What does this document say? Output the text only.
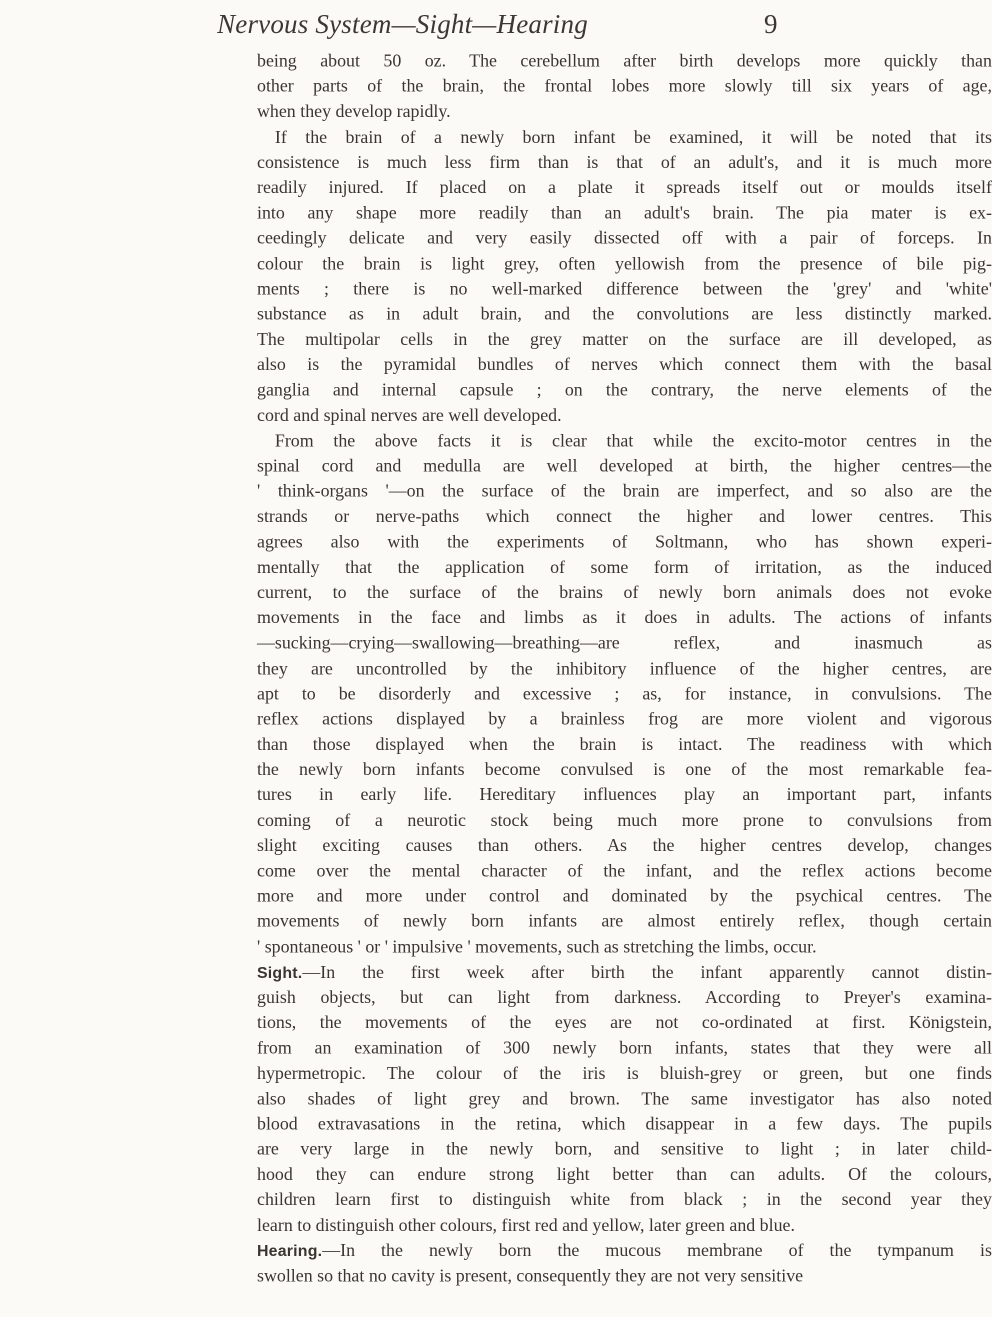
Nervous System—Sight—Hearing	9
being about 50 oz. The cerebellum after birth develops more quickly than
other parts of the brain, the frontal lobes more slowly till six years of age,
when they develop rapidly.
If the brain of a newly born infant be examined, it will be noted that its
consistence is much less firm than is that of an adult's, and it is much more
readily injured. If placed on a plate it spreads itself out or moulds itself
into any shape more readily than an adult's brain. The pia mater is ex-
ceedingly delicate and very easily dissected off with a pair of forceps. In
colour the brain is light grey, often yellowish from the presence of bile pig-
ments ; there is no well-marked difference between the 'grey' and 'white'
substance as in adult brain, and the convolutions are less distinctly marked.
The multipolar cells in the grey matter on the surface are ill developed, as
also is the pyramidal bundles of nerves which connect them with the basal
ganglia and internal capsule ; on the contrary, the nerve elements of the
cord and spinal nerves are well developed.
From the above facts it is clear that while the excito-motor centres in the
spinal cord and medulla are well developed at birth, the higher centres—the
' think-organs '—on the surface of the brain are imperfect, and so also are the
strands or nerve-paths which connect the higher and lower centres. This
agrees also with the experiments of Soltmann, who has shown experi-
mentally that the application of some form of irritation, as the induced
current, to the surface of the brains of newly born animals does not evoke
movements in the face and limbs as it does in adults. The actions of infants
—sucking—crying—swallowing—breathing—are reflex, and inasmuch as
they are uncontrolled by the inhibitory influence of the higher centres, are
apt to be disorderly and excessive ; as, for instance, in convulsions. The
reflex actions displayed by a brainless frog are more violent and vigorous
than those displayed when the brain is intact. The readiness with which
the newly born infants become convulsed is one of the most remarkable fea-
tures in early life. Hereditary influences play an important part, infants
coming of a neurotic stock being much more prone to convulsions from
slight exciting causes than others. As the higher centres develop, changes
come over the mental character of the infant, and the reflex actions become
more and more under control and dominated by the psychical centres. The
movements of newly born infants are almost entirely reflex, though certain
' spontaneous ' or ' impulsive ' movements, such as stretching the limbs, occur.
Sight.—In the first week after birth the infant apparently cannot distin-
guish objects, but can light from darkness. According to Preyer's examina-
tions, the movements of the eyes are not co-ordinated at first. Königstein,
from an examination of 300 newly born infants, states that they were all
hypermetropic. The colour of the iris is bluish-grey or green, but one finds
also shades of light grey and brown. The same investigator has also noted
blood extravasations in the retina, which disappear in a few days. The pupils
are very large in the newly born, and sensitive to light ; in later child-
hood they can endure strong light better than can adults. Of the colours,
children learn first to distinguish white from black ; in the second year they
learn to distinguish other colours, first red and yellow, later green and blue.
Hearing.—In the newly born the mucous membrane of the tympanum is
swollen so that no cavity is present, consequently they are not very sensitive
